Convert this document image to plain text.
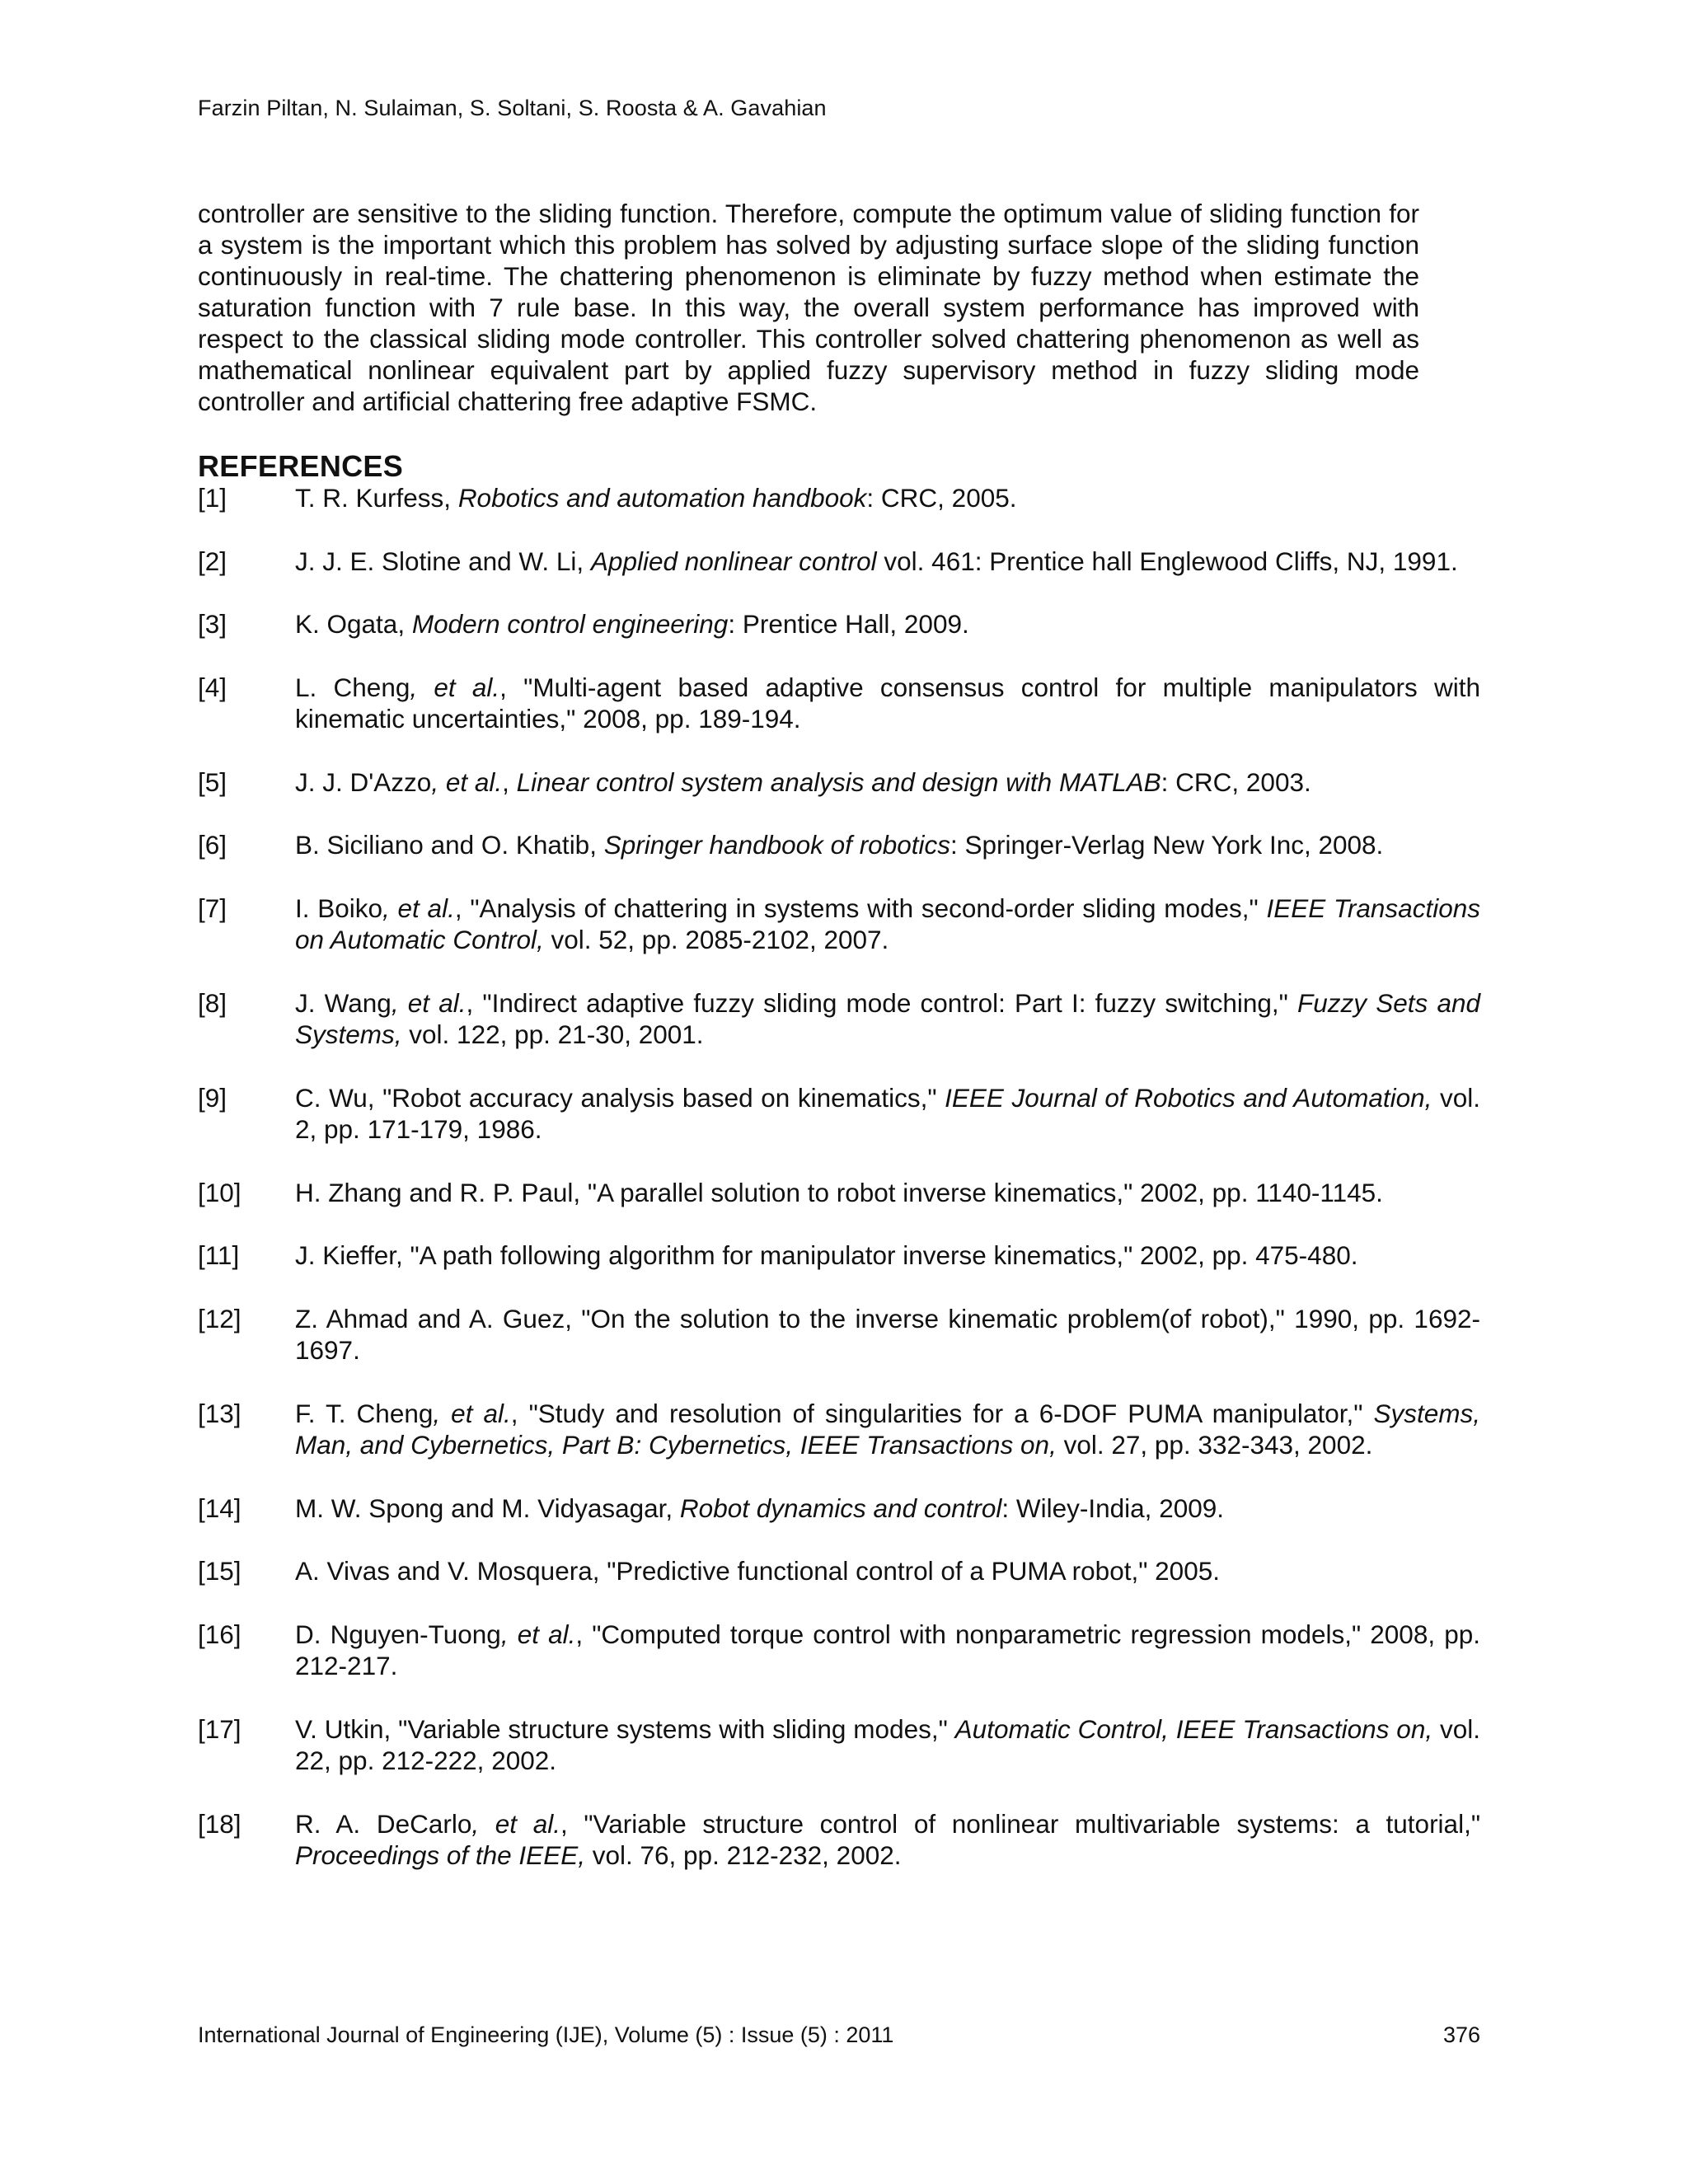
Farzin Piltan, N. Sulaiman, S. Soltani, S. Roosta & A. Gavahian

controller are sensitive to the sliding function. Therefore, compute the optimum value of sliding function for a system is the important which this problem has solved by adjusting surface slope of the sliding function continuously in real-time. The chattering phenomenon is eliminate by fuzzy method when estimate the saturation function with 7 rule base. In this way, the overall system performance has improved with respect to the classical sliding mode controller. This controller solved chattering phenomenon as well as mathematical nonlinear equivalent part by applied fuzzy supervisory method in fuzzy sliding mode controller and artificial chattering free adaptive FSMC.

REFERENCES
[1]	T. R. Kurfess, Robotics and automation handbook: CRC, 2005.
[2]	J. J. E. Slotine and W. Li, Applied nonlinear control vol. 461: Prentice hall Englewood Cliffs, NJ, 1991.
[3]	K. Ogata, Modern control engineering: Prentice Hall, 2009.
[4]	L. Cheng, et al., "Multi-agent based adaptive consensus control for multiple manipulators with kinematic uncertainties," 2008, pp. 189-194.
[5]	J. J. D'Azzo, et al., Linear control system analysis and design with MATLAB: CRC, 2003.
[6]	B. Siciliano and O. Khatib, Springer handbook of robotics: Springer-Verlag New York Inc, 2008.
[7]	I. Boiko, et al., "Analysis of chattering in systems with second-order sliding modes," IEEE Transactions on Automatic Control, vol. 52, pp. 2085-2102, 2007.
[8]	J. Wang, et al., "Indirect adaptive fuzzy sliding mode control: Part I: fuzzy switching," Fuzzy Sets and Systems, vol. 122, pp. 21-30, 2001.
[9]	C. Wu, "Robot accuracy analysis based on kinematics," IEEE Journal of Robotics and Automation, vol. 2, pp. 171-179, 1986.
[10]	H. Zhang and R. P. Paul, "A parallel solution to robot inverse kinematics," 2002, pp. 1140-1145.
[11]	J. Kieffer, "A path following algorithm for manipulator inverse kinematics," 2002, pp. 475-480.
[12]	Z. Ahmad and A. Guez, "On the solution to the inverse kinematic problem(of robot)," 1990, pp. 1692-1697.
[13]	F. T. Cheng, et al., "Study and resolution of singularities for a 6-DOF PUMA manipulator," Systems, Man, and Cybernetics, Part B: Cybernetics, IEEE Transactions on, vol. 27, pp. 332-343, 2002.
[14]	M. W. Spong and M. Vidyasagar, Robot dynamics and control: Wiley-India, 2009.
[15]	A. Vivas and V. Mosquera, "Predictive functional control of a PUMA robot," 2005.
[16]	D. Nguyen-Tuong, et al., "Computed torque control with nonparametric regression models," 2008, pp. 212-217.
[17]	V. Utkin, "Variable structure systems with sliding modes," Automatic Control, IEEE Transactions on, vol. 22, pp. 212-222, 2002.
[18]	R. A. DeCarlo, et al., "Variable structure control of nonlinear multivariable systems: a tutorial," Proceedings of the IEEE, vol. 76, pp. 212-232, 2002.
International Journal of Engineering (IJE), Volume (5) : Issue (5) : 2011	376
